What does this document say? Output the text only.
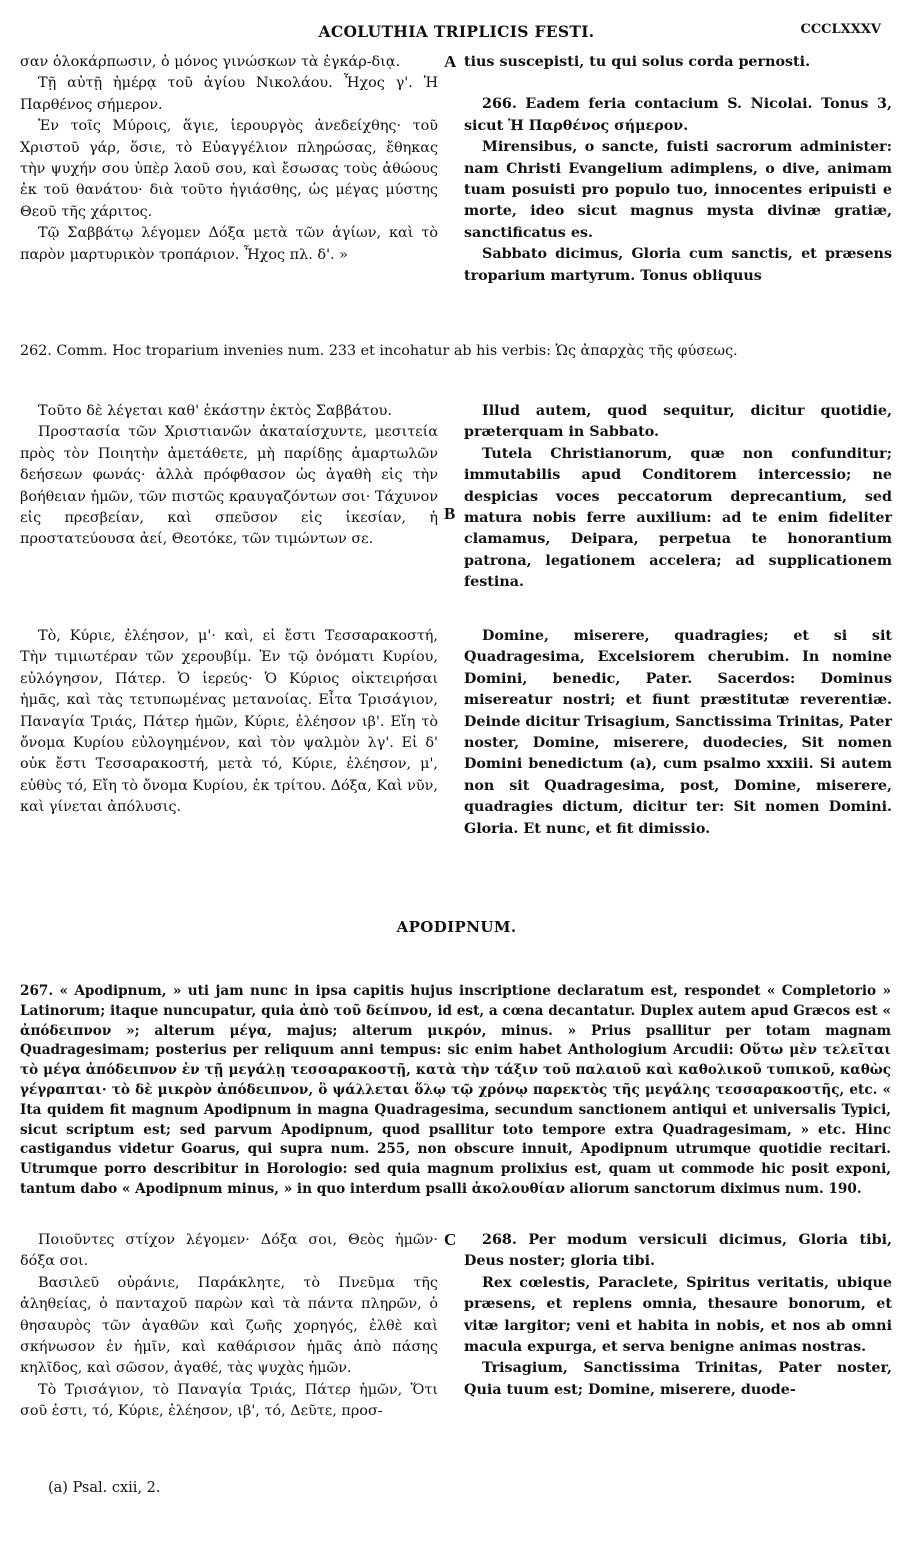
ACOLUTHIA TRIPLICIS FESTI.	CCCLXXXV

σαν ὁλοκάρπωσιν, ὁ μόνος γινώσκων τὰ ἐγκάρ-διᾳ.

Τῇ αὐτῇ ἡμέρᾳ τοῦ ἁγίου Νικολάου. Ἦχος γ'. Ἡ Παρθένος σήμερον.

Ἐν τοῖς Μύροις, ἅγιε, ἱερουργὸς ἀνεδείχθης· τοῦ Χριστοῦ γάρ, ὅσιε, τὸ Εὐαγγέλιον πληρώσας, ἔθηκας τὴν ψυχήν σου ὑπὲρ λαοῦ σου, καὶ ἔσωσας τοὺς ἀθώους ἐκ τοῦ θανάτου· διὰ τοῦτο ἡγιάσθης, ὡς μέγας μύστης Θεοῦ τῆς χάριτος.

Τῷ Σαββάτῳ λέγομεν Δόξα μετὰ τῶν ἁγίων, καὶ τὸ παρὸν μαρτυρικὸν τροπάριον. Ἦχος πλ. δ'. »

A tius suscepisti, tu qui solus corda pernosti.

266. Eadem feria contacium S. Nicolai. Tonus 3, sicut Ἡ Παρθένος σήμερον.

Mirensibus, o sancte, fuisti sacrorum administer: nam Christi Evangelium adimplens, o dive, animam tuam posuisti pro populo tuo, innocentes eripuisti e morte, ideo sicut magnus mysta divinæ gratiæ, sanctificatus es.

Sabbato dicimus, Gloria cum sanctis, et præsens troparium martyrum. Tonus obliquus

262. Comm. Hoc troparium invenies num. 233 et incohatur ab his verbis: Ὡς ἀπαρχὰς τῆς φύσεως.

Τοῦτο δὲ λέγεται καθ' ἑκάστην ἐκτὸς Σαββάτου.

Προστασία τῶν Χριστιανῶν ἀκαταίσχυντε, μεσιτεία πρὸς τὸν Ποιητὴν ἀμετάθετε, μὴ παρίδῃς ἁμαρτωλῶν δεήσεων φωνάς· ἀλλὰ πρόφθασον ὡς ἀγαθὴ εἰς τὴν βοήθειαν ἡμῶν, τῶν πιστῶς κραυγαζόντων σοι· Τάχυνον εἰς πρεσβείαν, καὶ σπεῦσον εἰς ἱκεσίαν, ἡ προστατεύουσα ἀεί, Θεοτόκε, τῶν τιμώντων σε.

B

Illud autem, quod sequitur, dicitur quotidie, præterquam in Sabbato.

Tutela Christianorum, quæ non confunditur; immutabilis apud Conditorem intercessio; ne despicias voces peccatorum deprecantium, sed matura nobis ferre auxilium: ad te enim fideliter clamamus, Deipara, perpetua te honorantium patrona, legationem accelera; ad supplicationem festina.

Τὸ, Κύριε, ἐλέησον, μ'· καὶ, εἰ ἔστι Τεσσαρακοστή, Τὴν τιμιωτέραν τῶν χερουβίμ. Ἐν τῷ ὀνόματι Κυρίου, εὐλόγησον, Πάτερ. Ὁ ἱερεύς· Ὁ Κύριος οἰκτειρήσαι ἡμᾶς, καὶ τὰς τετυπωμένας μετανοίας. Εἶτα Τρισάγιον, Παναγία Τριάς, Πάτερ ἡμῶν, Κύριε, ἐλέησον ιβ'. Εἴη τὸ ὄνομα Κυρίου εὐλογημένον, καὶ τὸν ψαλμὸν λγ'. Εἰ δ' οὐκ ἔστι Τεσσαρακοστή, μετὰ τό, Κύριε, ἐλέησον, μ', εὐθὺς τό, Εἴη τὸ ὄνομα Κυρίου, ἐκ τρίτου. Δόξα, Καὶ νῦν, καὶ γίνεται ἀπόλυσις.

Domine, miserere, quadragies; et si sit Quadragesima, Excelsiorem cherubim. In nomine Domini, benedic, Pater. Sacerdos: Dominus misereatur nostri; et fiunt præstitutæ reverentiæ. Deinde dicitur Trisagium, Sanctissima Trinitas, Pater noster, Domine, miserere, duodecies, Sit nomen Domini benedictum (a), cum psalmo xxxiii. Si autem non sit Quadragesima, post, Domine, miserere, quadragies dictum, dicitur ter: Sit nomen Domini. Gloria. Et nunc, et fit dimissio.

APODIPNUM.
267. « Apodipnum, » uti jam nunc in ipsa capitis hujus inscriptione declaratum est, respondet « Completorio » Latinorum; itaque nuncupatur, quia ἀπὸ τοῦ δείπνου, id est, a cœna decantatur. Duplex autem apud Græcos est « ἀπόδειπνον »; alterum μέγα, majus; alterum μικρόν, minus. » Prius psallitur per totam magnam Quadragesimam; posterius per reliquum anni tempus: sic enim habet Anthologium Arcudii: Οὕτω μὲν τελεῖται τὸ μέγα ἀπόδειπνον ἐν τῇ μεγάλῃ τεσσαρακοστῇ, κατὰ τὴν τάξιν τοῦ παλαιοῦ καὶ καθολικοῦ τυπικοῦ, καθὼς γέγραπται· τὸ δὲ μικρὸν ἀπόδειπνον, ὃ ψάλλεται ὅλῳ τῷ χρόνῳ παρεκτὸς τῆς μεγάλης τεσσαρακοστῆς, etc. « Ita quidem fit magnum Apodipnum in magna Quadragesima, secundum sanctionem antiqui et universalis Typici, sicut scriptum est; sed parvum Apodipnum, quod psallitur toto tempore extra Quadragesimam, » etc. Hinc castigandus videtur Goarus, qui supra num. 255, non obscure innuit, Apodipnum utrumque quotidie recitari. Utrumque porro describitur in Horologio: sed quia magnum prolixius est, quam ut commode hic posit exponi, tantum dabo « Apodipnum minus, » in quo interdum psalli ἀκολουθίαν aliorum sanctorum diximus num. 190.

Ποιοῦντες στίχον λέγομεν· Δόξα σοι, Θεὸς ἡμῶν· δόξα σοι.

Βασιλεῦ οὐράνιε, Παράκλητε, τὸ Πνεῦμα τῆς ἀληθείας, ὁ πανταχοῦ παρὼν καὶ τὰ πάντα πληρῶν, ὁ θησαυρὸς τῶν ἀγαθῶν καὶ ζωῆς χορηγός, ἐλθὲ καὶ σκήνωσον ἐν ἡμῖν, καὶ καθάρισον ἡμᾶς ἀπὸ πάσης κηλῖδος, καὶ σῶσον, ἀγαθέ, τὰς ψυχὰς ἡμῶν.

Τὸ Τρισάγιον, τὸ Παναγία Τριάς, Πάτερ ἡμῶν, Ὅτι σοῦ ἐστι, τό, Κύριε, ἐλέησον, ιβ', τό, Δεῦτε, προσ-

C	268. Per modum versiculi dicimus, Gloria tibi, Deus noster; gloria tibi.

Rex cœlestis, Paraclete, Spiritus veritatis, ubique præsens, et replens omnia, thesaure bonorum, et vitæ largitor; veni et habita in nobis, et nos ab omni macula expurga, et serva benigne animas nostras.

Trisagium, Sanctissima Trinitas, Pater noster, Quia tuum est; Domine, miserere, duode-

(a) Psal. cxii, 2.
